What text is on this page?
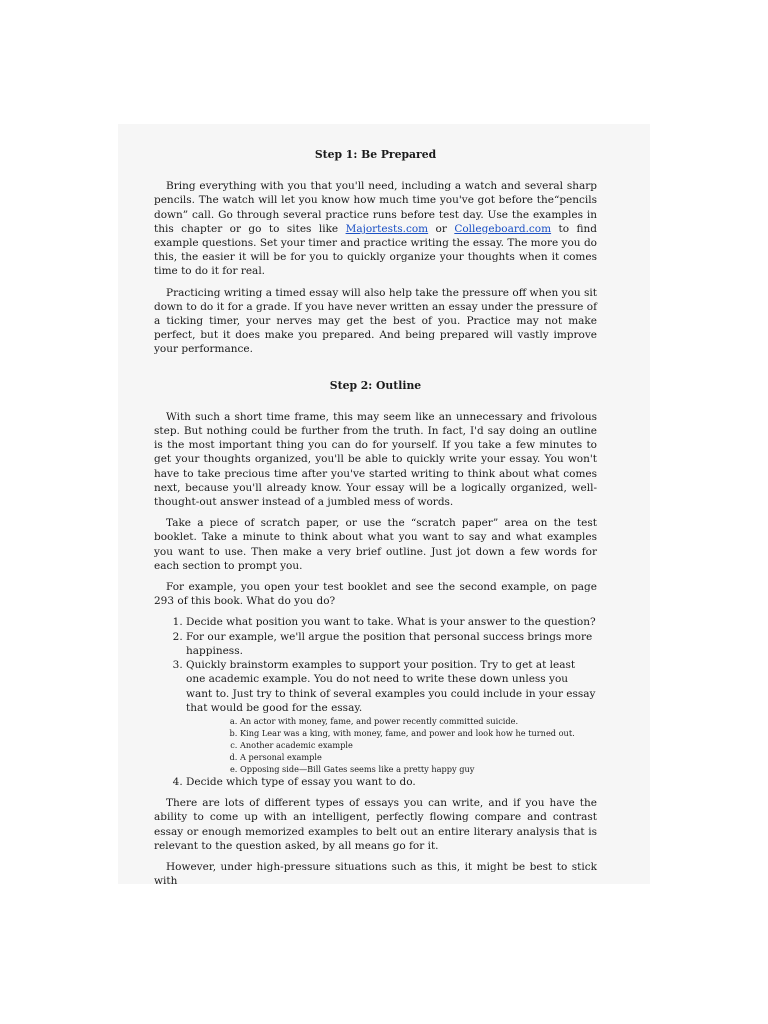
Step 1: Be Prepared

Bring everything with you that you'll need, including a watch and several sharp pencils. The watch will let you know how much time you've got before the“pencils down” call. Go through several practice runs before test day. Use the examples in this chapter or go to sites like Majortests.com or Collegeboard.com to find example questions. Set your timer and practice writing the essay. The more you do this, the easier it will be for you to quickly organize your thoughts when it comes time to do it for real.

Practicing writing a timed essay will also help take the pressure off when you sit down to do it for a grade. If you have never written an essay under the pressure of a ticking timer, your nerves may get the best of you. Practice may not make perfect, but it does make you prepared. And being prepared will vastly improve your performance.

Step 2: Outline

With such a short time frame, this may seem like an unnecessary and frivolous step. But nothing could be further from the truth. In fact, I'd say doing an outline is the most important thing you can do for yourself. If you take a few minutes to get your thoughts organized, you'll be able to quickly write your essay. You won't have to take precious time after you've started writing to think about what comes next, because you'll already know. Your essay will be a logically organized, well-thought-out answer instead of a jumbled mess of words.

Take a piece of scratch paper, or use the “scratch paper” area on the test booklet. Take a minute to think about what you want to say and what examples you want to use. Then make a very brief outline. Just jot down a few words for each section to prompt you.

For example, you open your test booklet and see the second example, on page 293 of this book. What do you do?

1. Decide what position you want to take. What is your answer to the question?
2. For our example, we'll argue the position that personal success brings more happiness.
3. Quickly brainstorm examples to support your position. Try to get at least one academic example. You do not need to write these down unless you want to. Just try to think of several examples you could include in your essay that would be good for the essay.
a. An actor with money, fame, and power recently committed suicide.
b. King Lear was a king, with money, fame, and power and look how he turned out.
c. Another academic example
d. A personal example
e. Opposing side—Bill Gates seems like a pretty happy guy
4. Decide which type of essay you want to do.

There are lots of different types of essays you can write, and if you have the ability to come up with an intelligent, perfectly flowing compare and contrast essay or enough memorized examples to belt out an entire literary analysis that is relevant to the question asked, by all means go for it.

However, under high-pressure situations such as this, it might be best to stick with
